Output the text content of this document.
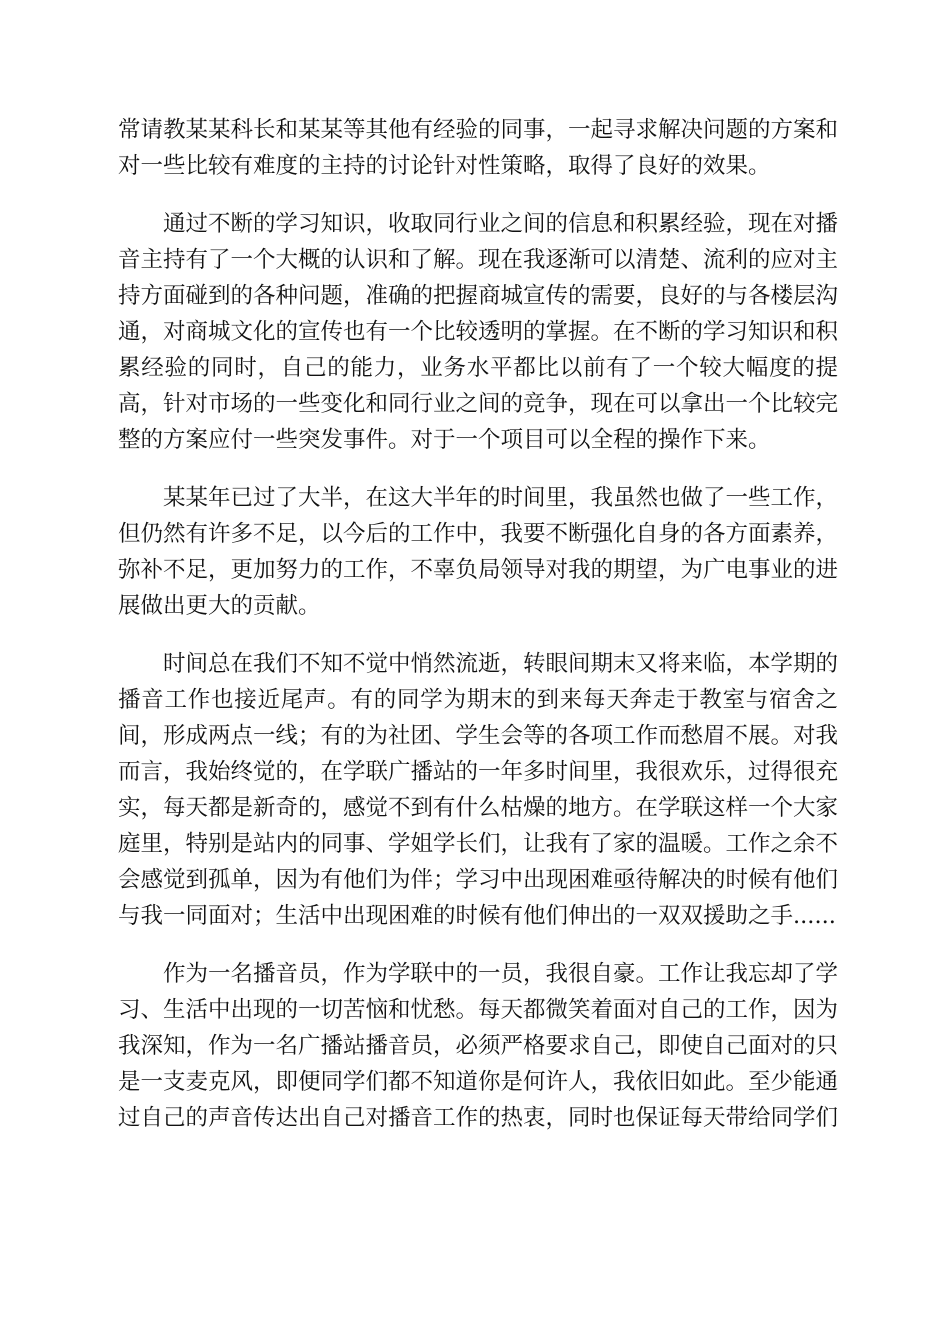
常请教某某科长和某某等其他有经验的同事，一起寻求解决问题的方案和对一些比较有难度的主持的讨论针对性策略，取得了良好的效果。

通过不断的学习知识，收取同行业之间的信息和积累经验，现在对播音主持有了一个大概的认识和了解。现在我逐渐可以清楚、流利的应对主持方面碰到的各种问题，准确的把握商城宣传的需要，良好的与各楼层沟通，对商城文化的宣传也有一个比较透明的掌握。在不断的学习知识和积累经验的同时，自己的能力，业务水平都比以前有了一个较大幅度的提高，针对市场的一些变化和同行业之间的竞争，现在可以拿出一个比较完整的方案应付一些突发事件。对于一个项目可以全程的操作下来。

某某年已过了大半，在这大半年的时间里，我虽然也做了一些工作，但仍然有许多不足，以今后的工作中，我要不断强化自身的各方面素养，弥补不足，更加努力的工作，不辜负局领导对我的期望，为广电事业的进展做出更大的贡献。

时间总在我们不知不觉中悄然流逝，转眼间期末又将来临，本学期的播音工作也接近尾声。有的同学为期末的到来每天奔走于教室与宿舍之间，形成两点一线；有的为社团、学生会等的各项工作而愁眉不展。对我而言，我始终觉的，在学联广播站的一年多时间里，我很欢乐，过得很充实，每天都是新奇的，感觉不到有什么枯燥的地方。在学联这样一个大家庭里，特别是站内的同事、学姐学长们，让我有了家的温暖。工作之余不会感觉到孤单，因为有他们为伴；学习中出现困难亟待解决的时候有他们与我一同面对；生活中出现困难的时候有他们伸出的一双双援助之手......

作为一名播音员，作为学联中的一员，我很自豪。工作让我忘却了学习、生活中出现的一切苦恼和忧愁。每天都微笑着面对自己的工作，因为我深知，作为一名广播站播音员，必须严格要求自己，即使自己面对的只是一支麦克风，即便同学们都不知道你是何许人，我依旧如此。至少能通过自己的声音传达出自己对播音工作的热衷，同时也保证每天带给同学们
